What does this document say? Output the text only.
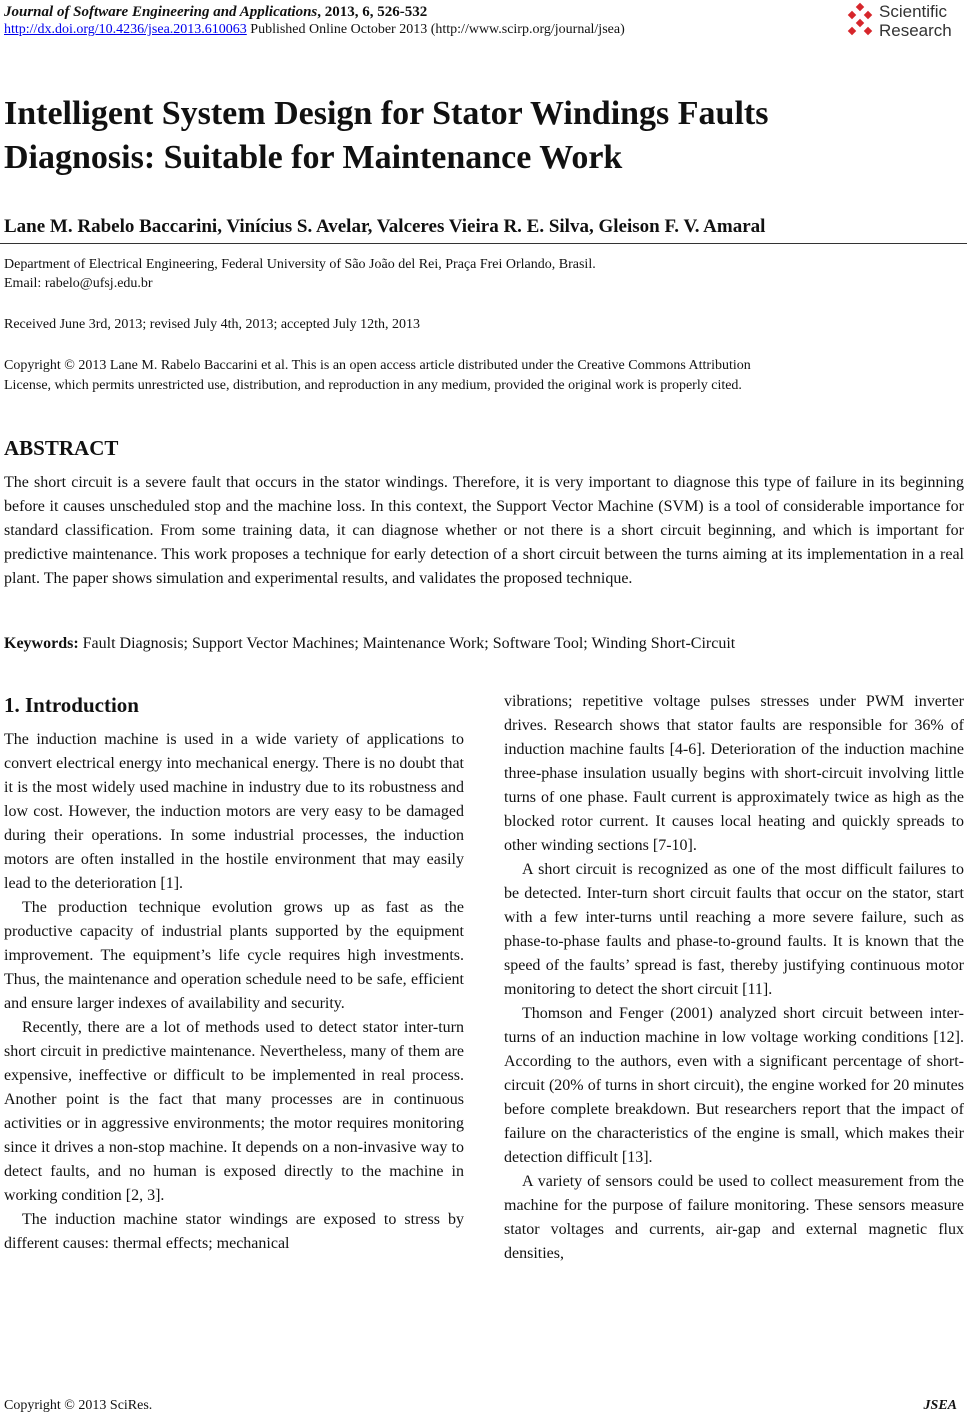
Journal of Software Engineering and Applications, 2013, 6, 526-532
http://dx.doi.org/10.4236/jsea.2013.610063 Published Online October 2013 (http://www.scirp.org/journal/jsea)
Scientific
Research
Intelligent System Design for Stator Windings Faults
Diagnosis: Suitable for Maintenance Work
Lane M. Rabelo Baccarini, Vinícius S. Avelar, Valceres Vieira R. E. Silva, Gleison F. V. Amaral
Department of Electrical Engineering, Federal University of São João del Rei, Praça Frei Orlando, Brasil.
Email: rabelo@ufsj.edu.br
Received June 3rd, 2013; revised July 4th, 2013; accepted July 12th, 2013
Copyright © 2013 Lane M. Rabelo Baccarini et al. This is an open access article distributed under the Creative Commons Attribution
License, which permits unrestricted use, distribution, and reproduction in any medium, provided the original work is properly cited.
ABSTRACT
The short circuit is a severe fault that occurs in the stator windings. Therefore, it is very important to diagnose this type of failure in its beginning before it causes unscheduled stop and the machine loss. In this context, the Support Vector Machine (SVM) is a tool of considerable importance for standard classification. From some training data, it can diagnose whether or not there is a short circuit beginning, and which is important for predictive maintenance. This work proposes a technique for early detection of a short circuit between the turns aiming at its implementation in a real plant. The paper shows simulation and experimental results, and validates the proposed technique.
Keywords: Fault Diagnosis; Support Vector Machines; Maintenance Work; Software Tool; Winding Short-Circuit
1. Introduction

The induction machine is used in a wide variety of applications to convert electrical energy into mechanical energy. There is no doubt that it is the most widely used machine in industry due to its robustness and low cost. However, the induction motors are very easy to be damaged during their operations. In some industrial processes, the induction motors are often installed in the hostile environment that may easily lead to the deterioration [1].

The production technique evolution grows up as fast as the productive capacity of industrial plants supported by the equipment improvement. The equipment’s life cycle requires high investments. Thus, the maintenance and operation schedule need to be safe, efficient and ensure larger indexes of availability and security.

Recently, there are a lot of methods used to detect stator inter-turn short circuit in predictive maintenance. Nevertheless, many of them are expensive, ineffective or difficult to be implemented in real process. Another point is the fact that many processes are in continuous activities or in aggressive environments; the motor requires monitoring since it drives a non-stop machine. It depends on a non-invasive way to detect faults, and no human is exposed directly to the machine in working condition [2, 3].

The induction machine stator windings are exposed to stress by different causes: thermal effects; mechanical

vibrations; repetitive voltage pulses stresses under PWM inverter drives. Research shows that stator faults are responsible for 36% of induction machine faults [4-6]. Deterioration of the induction machine three-phase insulation usually begins with short-circuit involving little turns of one phase. Fault current is approximately twice as high as the blocked rotor current. It causes local heating and quickly spreads to other winding sections [7-10].

A short circuit is recognized as one of the most difficult failures to be detected. Inter-turn short circuit faults that occur on the stator, start with a few inter-turns until reaching a more severe failure, such as phase-to-phase faults and phase-to-ground faults. It is known that the speed of the faults’ spread is fast, thereby justifying continuous motor monitoring to detect the short circuit [11].

Thomson and Fenger (2001) analyzed short circuit between inter-turns of an induction machine in low voltage working conditions [12]. According to the authors, even with a significant percentage of short-circuit (20% of turns in short circuit), the engine worked for 20 minutes before complete breakdown. But researchers report that the impact of failure on the characteristics of the engine is small, which makes their detection difficult [13].

A variety of sensors could be used to collect measurement from the machine for the purpose of failure monitoring. These sensors measure stator voltages and currents, air-gap and external magnetic flux densities,

Copyright © 2013 SciRes.	JSEA
